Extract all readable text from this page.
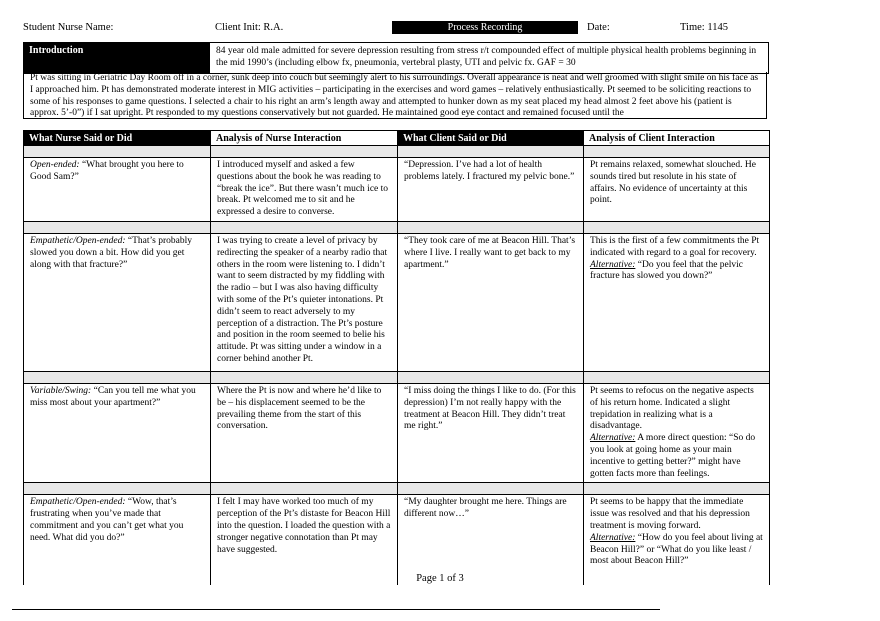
Student Nurse Name:	Client Init: R.A.	Process Recording	Date:	Time: 1145
Introduction	84 year old male admitted for severe depression resulting from stress r/t compounded effect of multiple physical health problems beginning in the mid 1990’s (including elbow fx, pneumonia, vertebral plasty, UTI and pelvic fx. GAF = 30
Pt was sitting in Geriatric Day Room off in a corner, sunk deep into couch but seemingly alert to his surroundings. Overall appearance is neat and well groomed with slight smile on his face as I approached him. Pt has demonstrated moderate interest in MIG activities – participating in the exercises and word games – relatively enthusiastically. Pt seemed to be soliciting reactions to some of his responses to game questions. I selected a chair to his right an arm’s length away and attempted to hunker down as my seat placed my head almost 2 feet above his (patient is approx. 5’-0”) if I sat upright. Pt responded to my questions conservatively but not guarded. He maintained good eye contact and remained focused until the
What Nurse Said or Did	Analysis of Nurse Interaction	What Client Said or Did	Analysis of Client Interaction

Open-ended: “What brought you here to Good Sam?”	I introduced myself and asked a few questions about the book he was reading to “break the ice”. But there wasn’t much ice to break. Pt welcomed me to sit and he expressed a desire to converse.	“Depression. I’ve had a lot of health problems lately. I fractured my pelvic bone.”	Pt remains relaxed, somewhat slouched. He sounds tired but resolute in his state of affairs. No evidence of uncertainty at this point.

Empathetic/Open-ended: “That’s probably slowed you down a bit. How did you get along with that fracture?”	I was trying to create a level of privacy by redirecting the speaker of a nearby radio that others in the room were listening to. I didn’t want to seem distracted by my fiddling with the radio – but I was also having difficulty with some of the Pt’s quieter intonations. Pt didn’t seem to react adversely to my perception of a distraction. The Pt’s posture and position in the room seemed to belie his attitude. Pt was sitting under a window in a corner behind another Pt.	“They took care of me at Beacon Hill. That’s where I live. I really want to get back to my apartment.”	This is the first of a few commitments the Pt indicated with regard to a goal for recovery.
Alternative: “Do you feel that the pelvic fracture has slowed you down?”

Variable/Swing: “Can you tell me what you miss most about your apartment?”	Where the Pt is now and where he’d like to be – his displacement seemed to be the prevailing theme from the start of this conversation.	“I miss doing the things I like to do. (For this depression) I’m not really happy with the treatment at Beacon Hill. They didn’t treat me right.”	Pt seems to refocus on the negative aspects of his return home. Indicated a slight trepidation in realizing what is a disadvantage.
Alternative: A more direct question: “So do you look at going home as your main incentive to getting better?” might have gotten facts more than feelings.

Empathetic/Open-ended: “Wow, that’s frustrating when you’ve made that commitment and you can’t get what you need. What did you do?”	I felt I may have worked too much of my perception of the Pt’s distaste for Beacon Hill into the question. I loaded the question with a stronger negative connotation than Pt may have suggested.	“My daughter brought me here. Things are different now…”	Pt seems to be happy that the immediate issue was resolved and that his depression treatment is moving forward.
Alternative: “How do you feel about living at Beacon Hill?” or “What do you like least / most about Beacon Hill?”
Page 1 of 3
